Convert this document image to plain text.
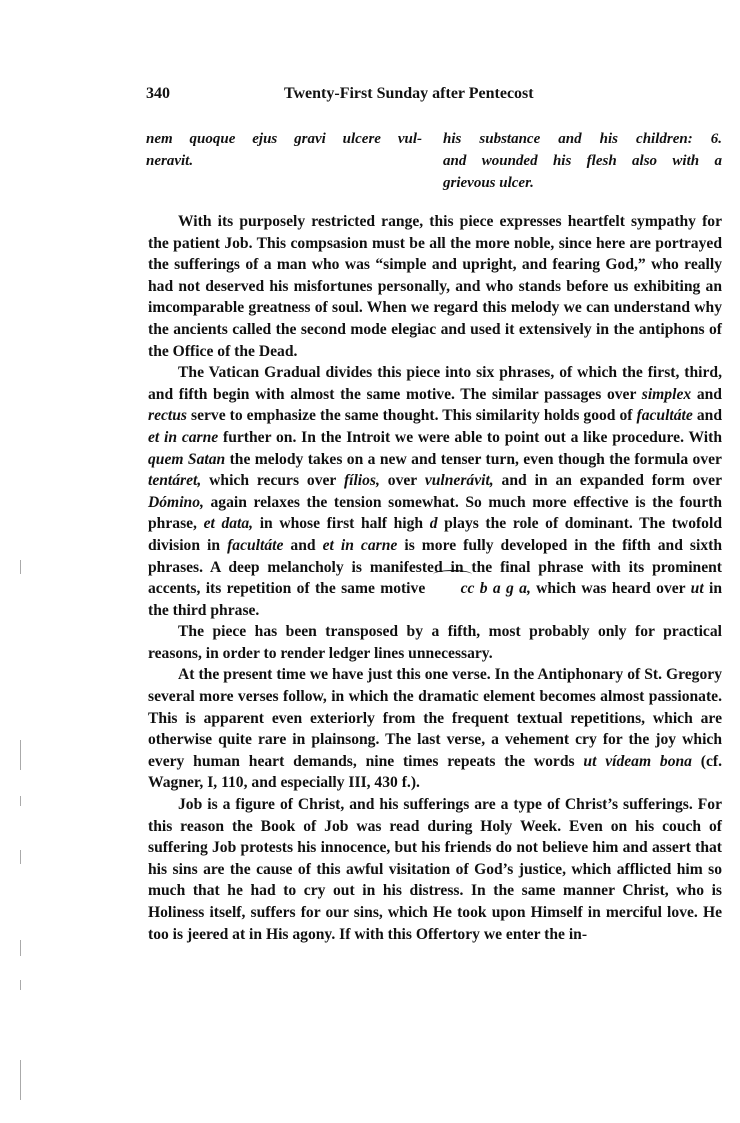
340	Twenty-First Sunday after Pentecost
nem quoque ejus gravi ulcere vul-
neravit.
his substance and his children: 6.
and wounded his flesh also with a
grievous ulcer.

With its purposely restricted range, this piece expresses heartfelt sympathy for the patient Job. This compsasion must be all the more noble, since here are portrayed the sufferings of a man who was “simple and upright, and fearing God,” who really had not deserved his misfortunes personally, and who stands before us exhibiting an imcomparable greatness of soul. When we regard this melody we can understand why the ancients called the second mode elegiac and used it extensively in the antiphons of the Office of the Dead.

The Vatican Gradual divides this piece into six phrases, of which the first, third, and fifth begin with almost the same motive. The similar passages over simplex and rectus serve to emphasize the same thought. This similarity holds good of facultáte and et in carne further on. In the Introit we were able to point out a like procedure. With quem Satan the melody takes on a new and tenser turn, even though the formula over tentáret, which recurs over fílios, over vulnerávit, and in an expanded form over Dómino, again relaxes the tension somewhat. So much more effective is the fourth phrase, et data, in whose first half high d plays the role of dominant. The twofold division in facultáte and et in carne is more fully developed in the fifth and sixth phrases. A deep melancholy is manifested in the final phrase with its prominent accents, its repetition of the same motive cc b a g a, which was heard over ut in the third phrase.

The piece has been transposed by a fifth, most probably only for practical reasons, in order to render ledger lines unnecessary.

At the present time we have just this one verse. In the Antiphonary of St. Gregory several more verses follow, in which the dramatic element becomes almost passionate. This is apparent even exteriorly from the frequent textual repetitions, which are otherwise quite rare in plainsong. The last verse, a vehement cry for the joy which every human heart demands, nine times repeats the words ut vídeam bona (cf. Wagner, I, 110, and especially III, 430 f.).

Job is a figure of Christ, and his sufferings are a type of Christ’s sufferings. For this reason the Book of Job was read during Holy Week. Even on his couch of suffering Job protests his innocence, but his friends do not believe him and assert that his sins are the cause of this awful visitation of God’s justice, which afflicted him so much that he had to cry out in his distress. In the same manner Christ, who is Holiness itself, suffers for our sins, which He took upon Himself in merciful love. He too is jeered at in His agony. If with this Offertory we enter the in-
